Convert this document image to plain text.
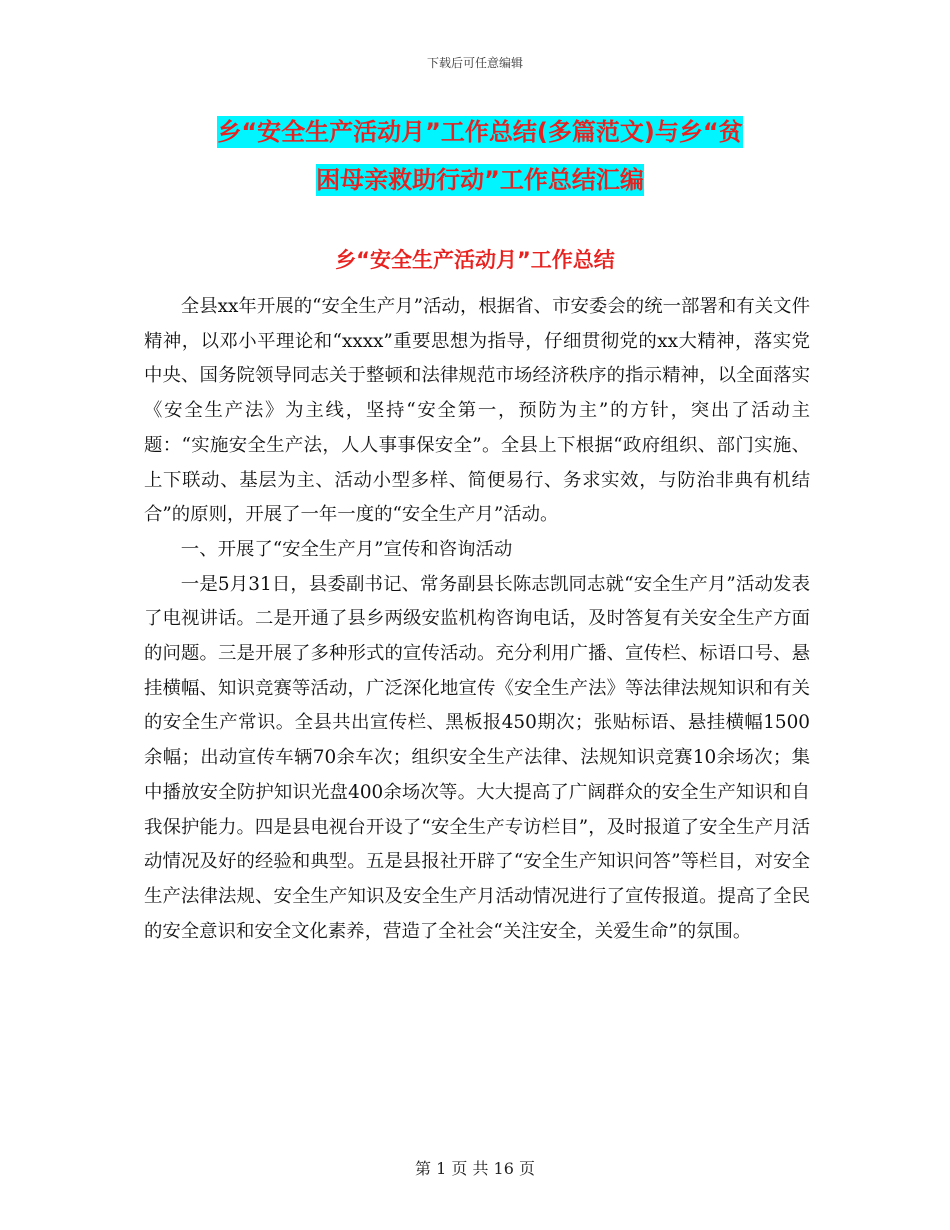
下载后可任意编辑
乡“安全生产活动月”工作总结(多篇范文)与乡“贫
困母亲救助行动”工作总结汇编
乡“安全生产活动月”工作总结

全县xx年开展的“安全生产月”活动，根据省、市安委会的统一部署和有关文件精神，以邓小平理论和“xxxx”重要思想为指导，仔细贯彻党的xx大精神，落实党中央、国务院领导同志关于整顿和法律规范市场经济秩序的指示精神，以全面落实《安全生产法》为主线，坚持“安全第一，预防为主”的方针，突出了活动主题：“实施安全生产法，人人事事保安全”。全县上下根据“政府组织、部门实施、上下联动、基层为主、活动小型多样、简便易行、务求实效，与防治非典有机结合”的原则，开展了一年一度的“安全生产月”活动。

一、开展了“安全生产月”宣传和咨询活动

一是5月31日，县委副书记、常务副县长陈志凯同志就“安全生产月”活动发表了电视讲话。二是开通了县乡两级安监机构咨询电话，及时答复有关安全生产方面的问题。三是开展了多种形式的宣传活动。充分利用广播、宣传栏、标语口号、悬挂横幅、知识竞赛等活动，广泛深化地宣传《安全生产法》等法律法规知识和有关的安全生产常识。全县共出宣传栏、黑板报450期次；张贴标语、悬挂横幅1500余幅；出动宣传车辆70余车次；组织安全生产法律、法规知识竞赛10余场次；集中播放安全防护知识光盘400余场次等。大大提高了广阔群众的安全生产知识和自我保护能力。四是县电视台开设了“安全生产专访栏目”，及时报道了安全生产月活动情况及好的经验和典型。五是县报社开辟了“安全生产知识问答”等栏目，对安全生产法律法规、安全生产知识及安全生产月活动情况进行了宣传报道。提高了全民的安全意识和安全文化素养，营造了全社会“关注安全，关爱生命”的氛围。

第 1 页 共 16 页
